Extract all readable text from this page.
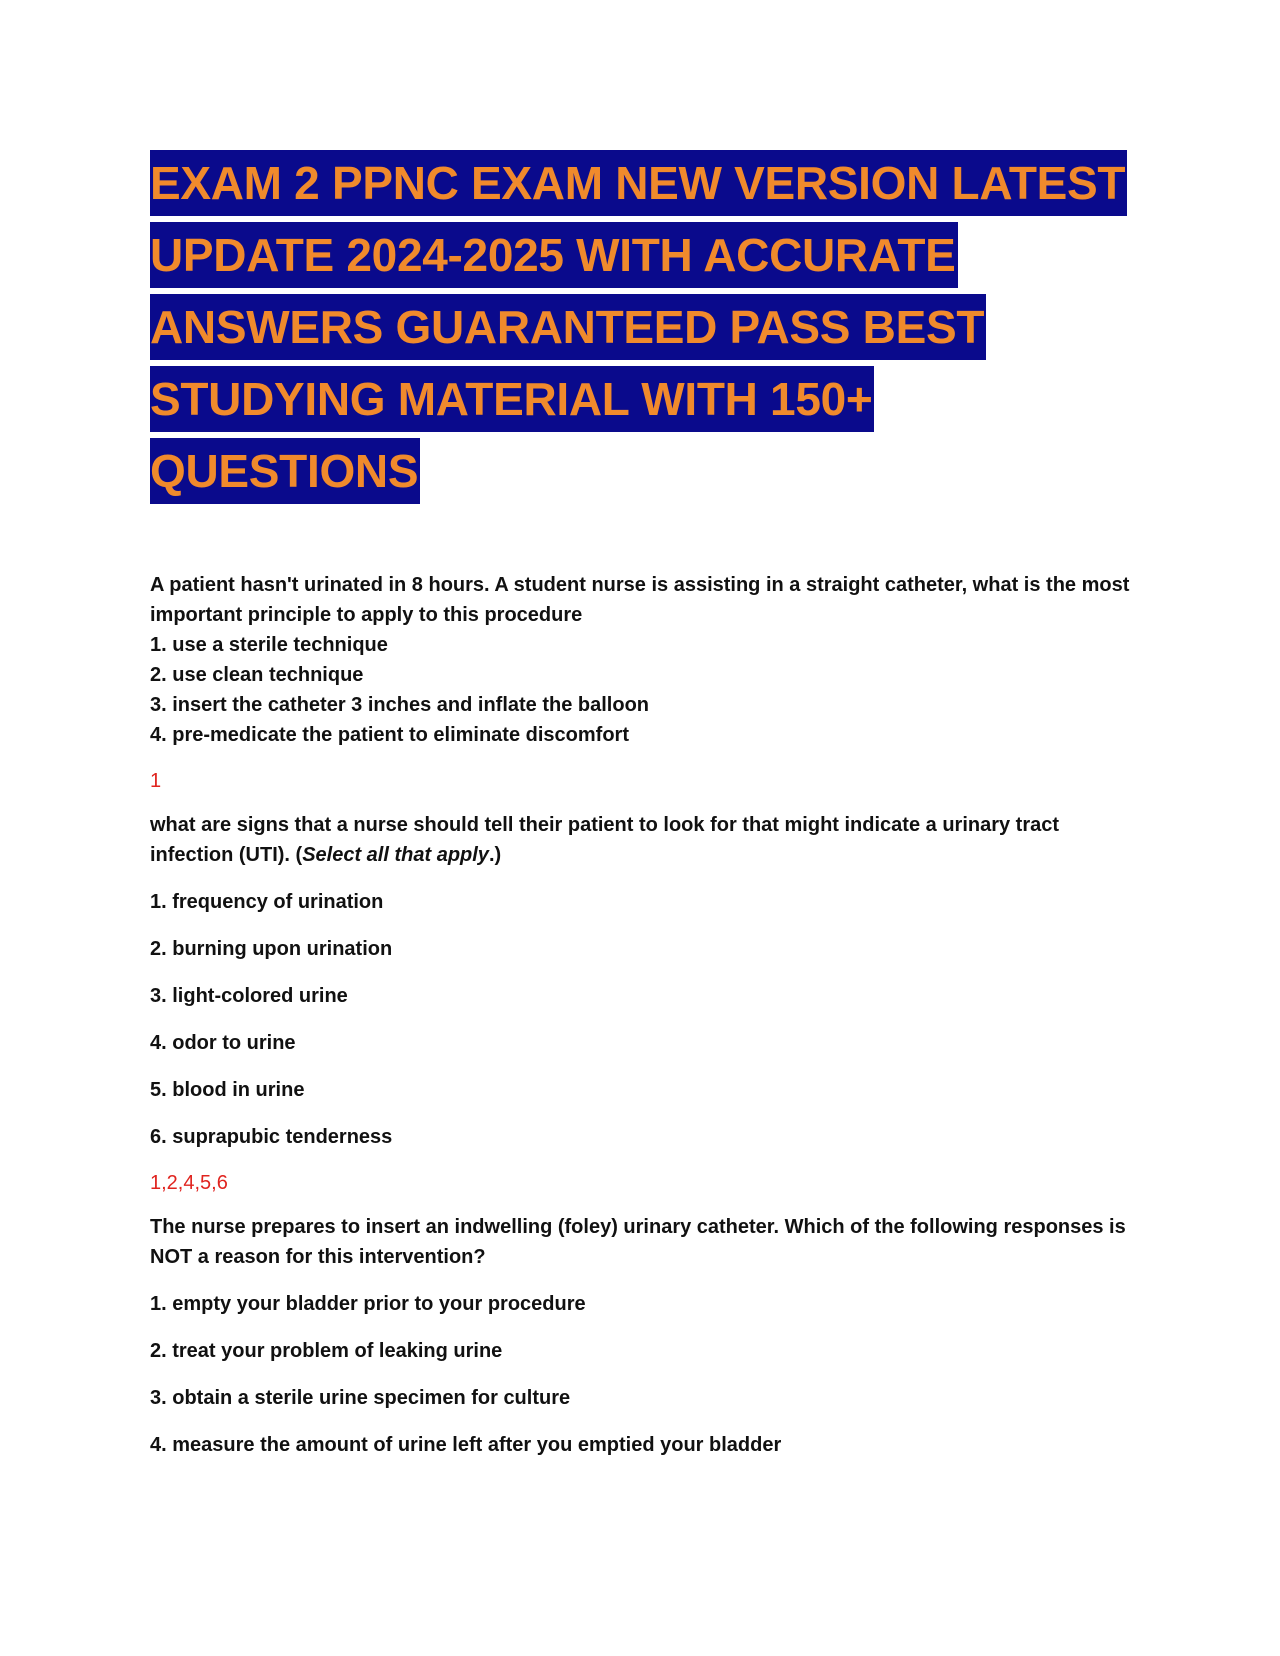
EXAM 2 PPNC EXAM NEW VERSION LATEST
UPDATE 2024-2025 WITH ACCURATE
ANSWERS GUARANTEED PASS BEST
STUDYING MATERIAL WITH 150+
QUESTIONS

A patient hasn't urinated in 8 hours. A student nurse is assisting in a straight catheter, what is the most important principle to apply to this procedure

1. use a sterile technique

2. use clean technique

3. insert the catheter 3 inches and inflate the balloon

4. pre-medicate the patient to eliminate discomfort

1

what are signs that a nurse should tell their patient to look for that might indicate a urinary tract infection (UTI). (Select all that apply.)

1. frequency of urination

2. burning upon urination

3. light-colored urine

4. odor to urine

5. blood in urine

6. suprapubic tenderness

1,2,4,5,6

The nurse prepares to insert an indwelling (foley) urinary catheter. Which of the following responses is NOT a reason for this intervention?

1. empty your bladder prior to your procedure

2. treat your problem of leaking urine

3. obtain a sterile urine specimen for culture

4. measure the amount of urine left after you emptied your bladder
